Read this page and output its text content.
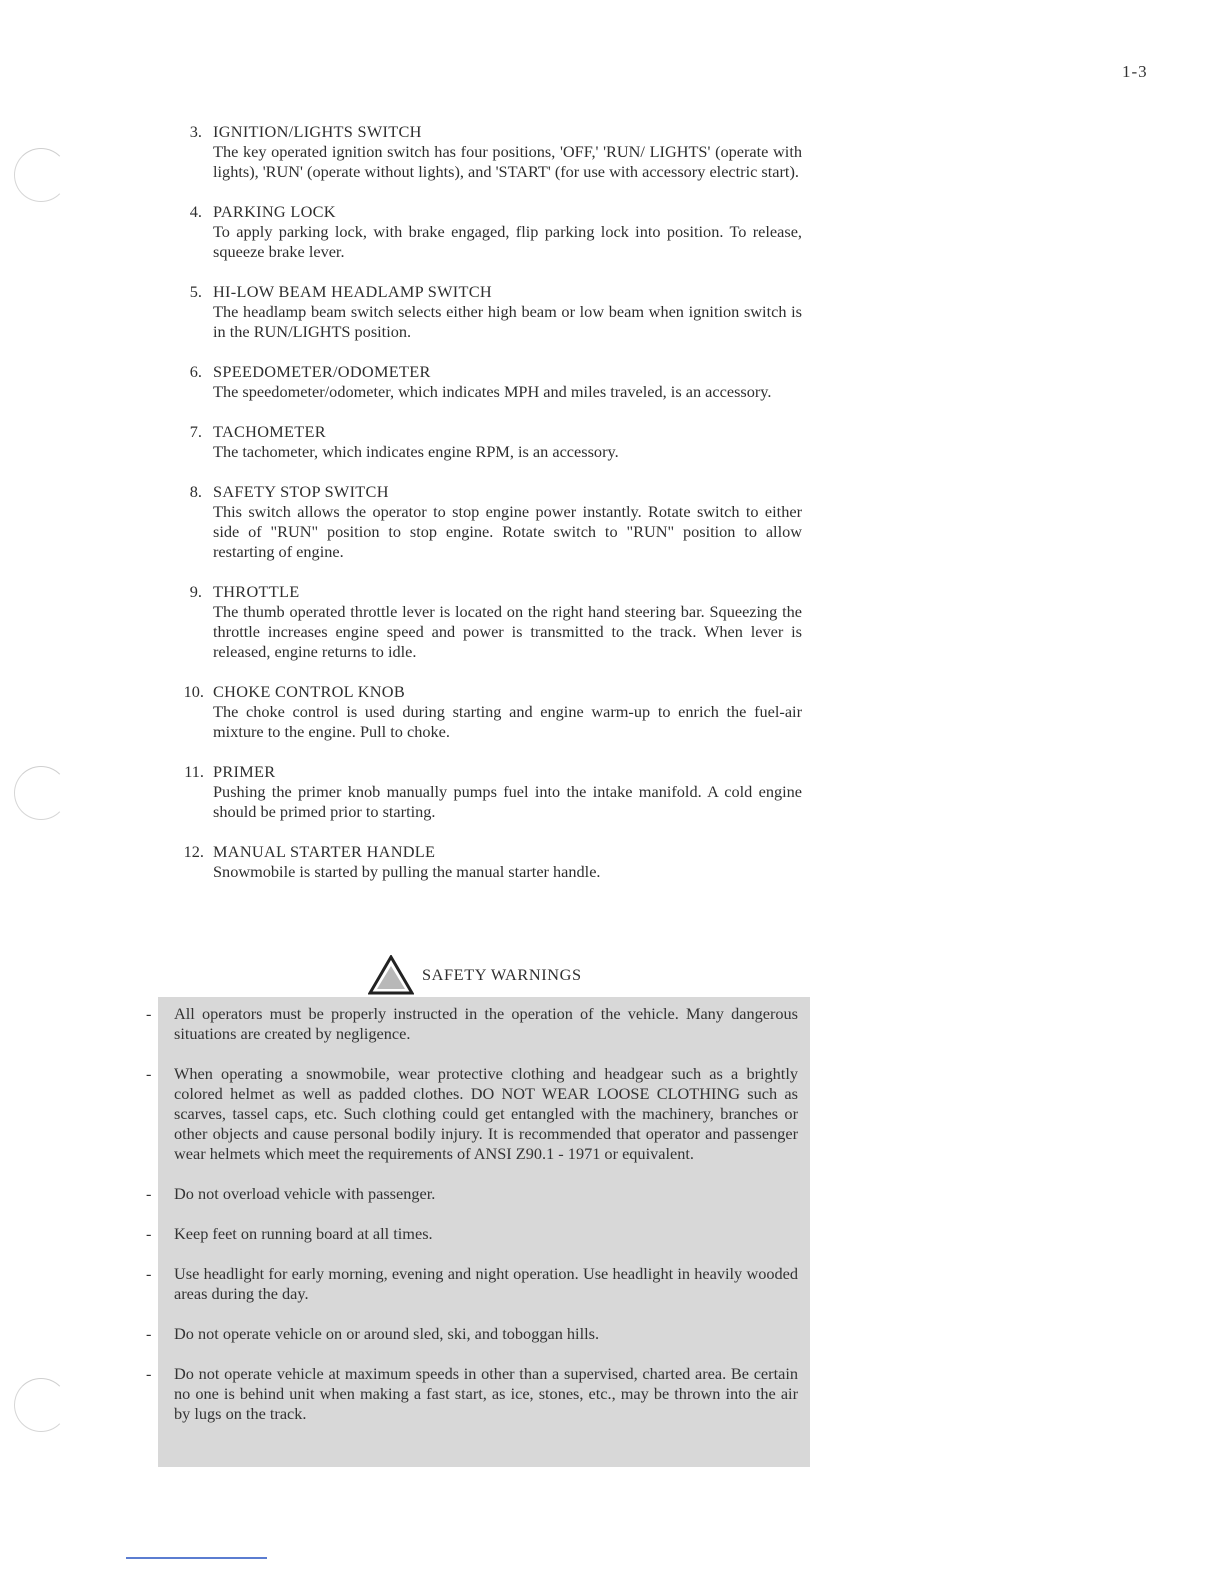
1-3
3. IGNITION/LIGHTS SWITCH
The key operated ignition switch has four positions, 'OFF,' 'RUN/ LIGHTS' (operate with lights), 'RUN' (operate without lights), and 'START' (for use with accessory electric start).
4. PARKING LOCK
To apply parking lock, with brake engaged, flip parking lock into position. To release, squeeze brake lever.
5. HI-LOW BEAM HEADLAMP SWITCH
The headlamp beam switch selects either high beam or low beam when ignition switch is in the RUN/LIGHTS position.
6. SPEEDOMETER/ODOMETER
The speedometer/odometer, which indicates MPH and miles traveled, is an accessory.
7. TACHOMETER
The tachometer, which indicates engine RPM, is an accessory.
8. SAFETY STOP SWITCH
This switch allows the operator to stop engine power instantly. Rotate switch to either side of "RUN" position to stop engine. Rotate switch to "RUN" position to allow restarting of engine.
9. THROTTLE
The thumb operated throttle lever is located on the right hand steering bar. Squeezing the throttle increases engine speed and power is transmitted to the track. When lever is released, engine returns to idle.
10. CHOKE CONTROL KNOB
The choke control is used during starting and engine warm-up to enrich the fuel-air mixture to the engine. Pull to choke.
11. PRIMER
Pushing the primer knob manually pumps fuel into the intake manifold. A cold engine should be primed prior to starting.
12. MANUAL STARTER HANDLE
Snowmobile is started by pulling the manual starter handle.
SAFETY WARNINGS
- All operators must be properly instructed in the operation of the vehicle. Many dangerous situations are created by negligence.
- When operating a snowmobile, wear protective clothing and headgear such as a brightly colored helmet as well as padded clothes. DO NOT WEAR LOOSE CLOTHING such as scarves, tassel caps, etc. Such clothing could get entangled with the machinery, branches or other objects and cause personal bodily injury. It is recommended that operator and passenger wear helmets which meet the requirements of ANSI Z90.1 - 1971 or equivalent.
- Do not overload vehicle with passenger.
- Keep feet on running board at all times.
- Use headlight for early morning, evening and night operation. Use headlight in heavily wooded areas during the day.
- Do not operate vehicle on or around sled, ski, and toboggan hills.
- Do not operate vehicle at maximum speeds in other than a supervised, charted area. Be certain no one is behind unit when making a fast start, as ice, stones, etc., may be thrown into the air by lugs on the track.
